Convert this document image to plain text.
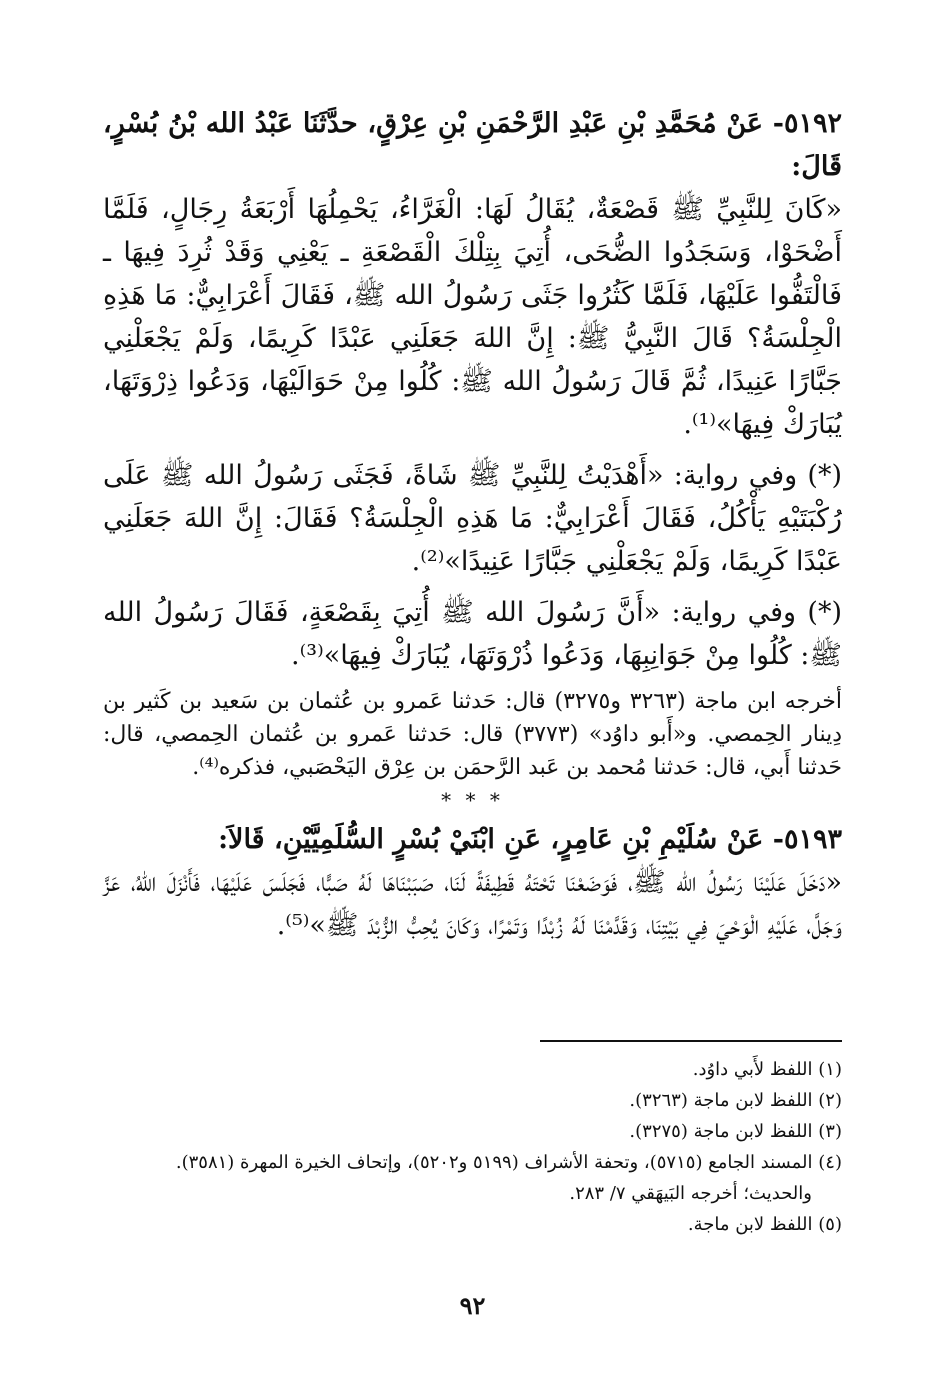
٥١٩٢- عَنْ مُحَمَّدِ بْنِ عَبْدِ الرَّحْمَنِ بْنِ عِرْقٍ، حدَّثَنَا عَبْدُ الله بْنُ بُسْرٍ، قَالَ:

«كَانَ لِلنَّبِيِّ ﷺ قَصْعَةٌ، يُقَالُ لَهَا: الْغَرَّاءُ، يَحْمِلُهَا أَرْبَعَةُ رِجَالٍ، فَلَمَّا أَضْحَوْا، وَسَجَدُوا الضُّحَى، أُتِيَ بِتِلْكَ الْقَصْعَةِ ـ يَعْنِي وَقَدْ ثُرِدَ فِيهَا ـ فَالْتَفُّوا عَلَيْهَا، فَلَمَّا كَثُرُوا جَثَى رَسُولُ الله ﷺ، فَقَالَ أَعْرَابِيٌّ: مَا هَذِهِ الْجِلْسَةُ؟ قَالَ النَّبِيُّ ﷺ: إِنَّ اللهَ جَعَلَنِي عَبْدًا كَرِيمًا، وَلَمْ يَجْعَلْنِي جَبَّارًا عَنِيدًا، ثُمَّ قَالَ رَسُولُ الله ﷺ: كُلُوا مِنْ حَوَالَيْهَا، وَدَعُوا ذِرْوَتَهَا، يُبَارَكْ فِيهَا»⁽¹⁾.

(*) وفي رواية: «أَهْدَيْتُ لِلنَّبِيِّ ﷺ شَاةً، فَجَثَى رَسُولُ الله ﷺ عَلَى رُكْبَتَيْهِ يَأْكُلُ، فَقَالَ أَعْرَابِيٌّ: مَا هَذِهِ الْجِلْسَةُ؟ فَقَالَ: إِنَّ اللهَ جَعَلَنِي عَبْدًا كَرِيمًا، وَلَمْ يَجْعَلْنِي جَبَّارًا عَنِيدًا»⁽²⁾.

(*) وفي رواية: «أَنَّ رَسُولَ الله ﷺ أُتِيَ بِقَصْعَةٍ، فَقَالَ رَسُولُ الله ﷺ: كُلُوا مِنْ جَوَانِبِهَا، وَدَعُوا ذُرْوَتَهَا، يُبَارَكْ فِيهَا»⁽³⁾.

أخرجه ابن ماجة (٣٢٦٣ و٣٢٧٥) قال: حَدثنا عَمرو بن عُثمان بن سَعيد بن كَثير بن دِينار الحِمصي. و«أَبو داوُد» (٣٧٧٣) قال: حَدثنا عَمرو بن عُثمان الحِمصي، قال: حَدثنا أَبي، قال: حَدثنا مُحمد بن عَبد الرَّحمَن بن عِرْق اليَحْصَبي، فذكره⁽⁴⁾.

* * *

٥١٩٣- عَنْ سُلَيْمِ بْنِ عَامِرٍ، عَنِ ابْنَيْ بُسْرٍ السُّلَمِيَّيْنِ، قَالاَ:

«دَخَلَ عَلَيْنَا رَسُولُ الله ﷺ، فَوَضَعْنَا تَحْتَهُ قَطِيفَةً لَنَا، صَبَبْنَاهَا لَهُ صَبًّا، فَجَلَسَ عَلَيْهَا، فَأَنْزَلَ اللهُ، عَزَّ وَجَلَّ، عَلَيْهِ الْوَحْيَ فِي بَيْتِنَا، وَقَدَّمْنَا لَهُ زُبْدًا وَتَمْرًا، وَكَانَ يُحِبُّ الزُّبْدَ ﷺ»⁽⁵⁾.

(١) اللفظ لأَبي داوُد.
(٢) اللفظ لابن ماجة (٣٢٦٣).
(٣) اللفظ لابن ماجة (٣٢٧٥).
(٤) المسند الجامع (٥٧١٥)، وتحفة الأشراف (٥١٩٩ و٥٢٠٢)، وإتحاف الخيرة المهرة (٣٥٨١).
والحديث؛ أخرجه البَيهَقي ٧/ ٢٨٣.
(٥) اللفظ لابن ماجة.
٩٢
